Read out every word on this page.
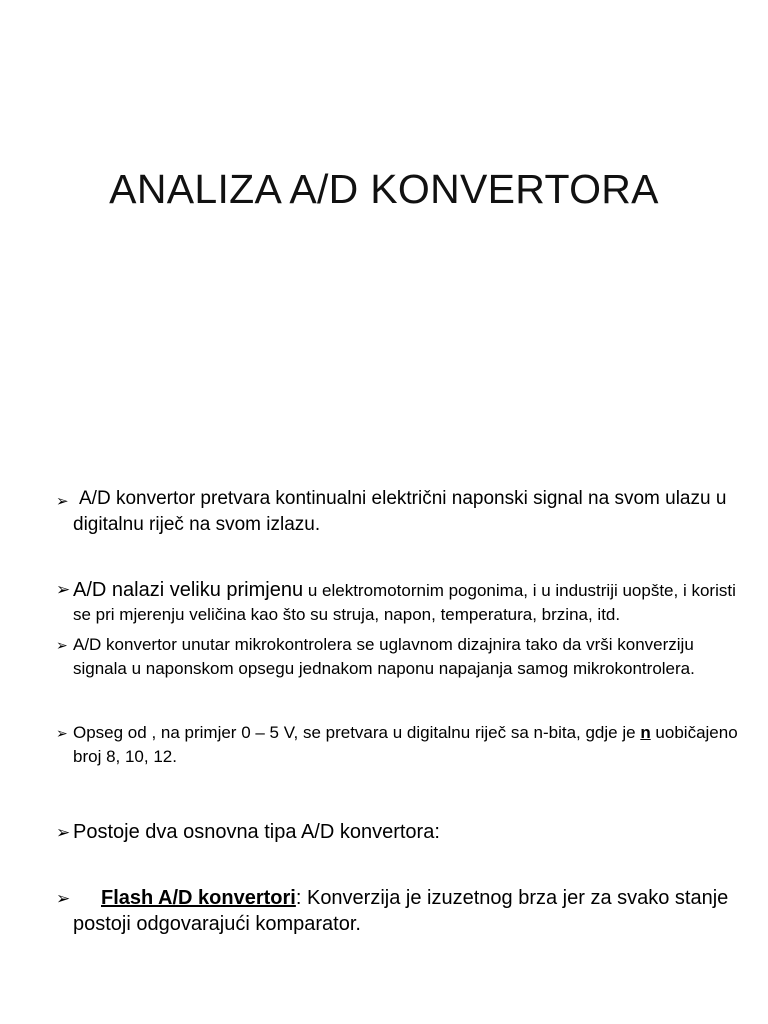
ANALIZA A/D KONVERTORA
➢ A/D konvertor pretvara kontinualni električni naponski signal na svom ulazu u digitalnu riječ na svom izlazu.
➢ A/D nalazi veliku primjenu u elektromotornim pogonima, i u industriji uopšte, i koristi se pri mjerenju veličina kao što su struja, napon, temperatura, brzina, itd.
➢ A/D konvertor unutar mikrokontrolera se uglavnom dizajnira tako da vrši konverziju signala u naponskom opsegu jednakom naponu napajanja samog mikrokontrolera.
➢ Opseg od , na primjer 0 – 5 V, se pretvara u digitalnu riječ sa n-bita, gdje je n uobičajeno broj 8, 10, 12.
➢ Postoje dva osnovna tipa A/D konvertora:
➢ Flash A/D konvertori: Konverzija je izuzetnog brza jer za svako stanje postoji odgovarajući komparator.
